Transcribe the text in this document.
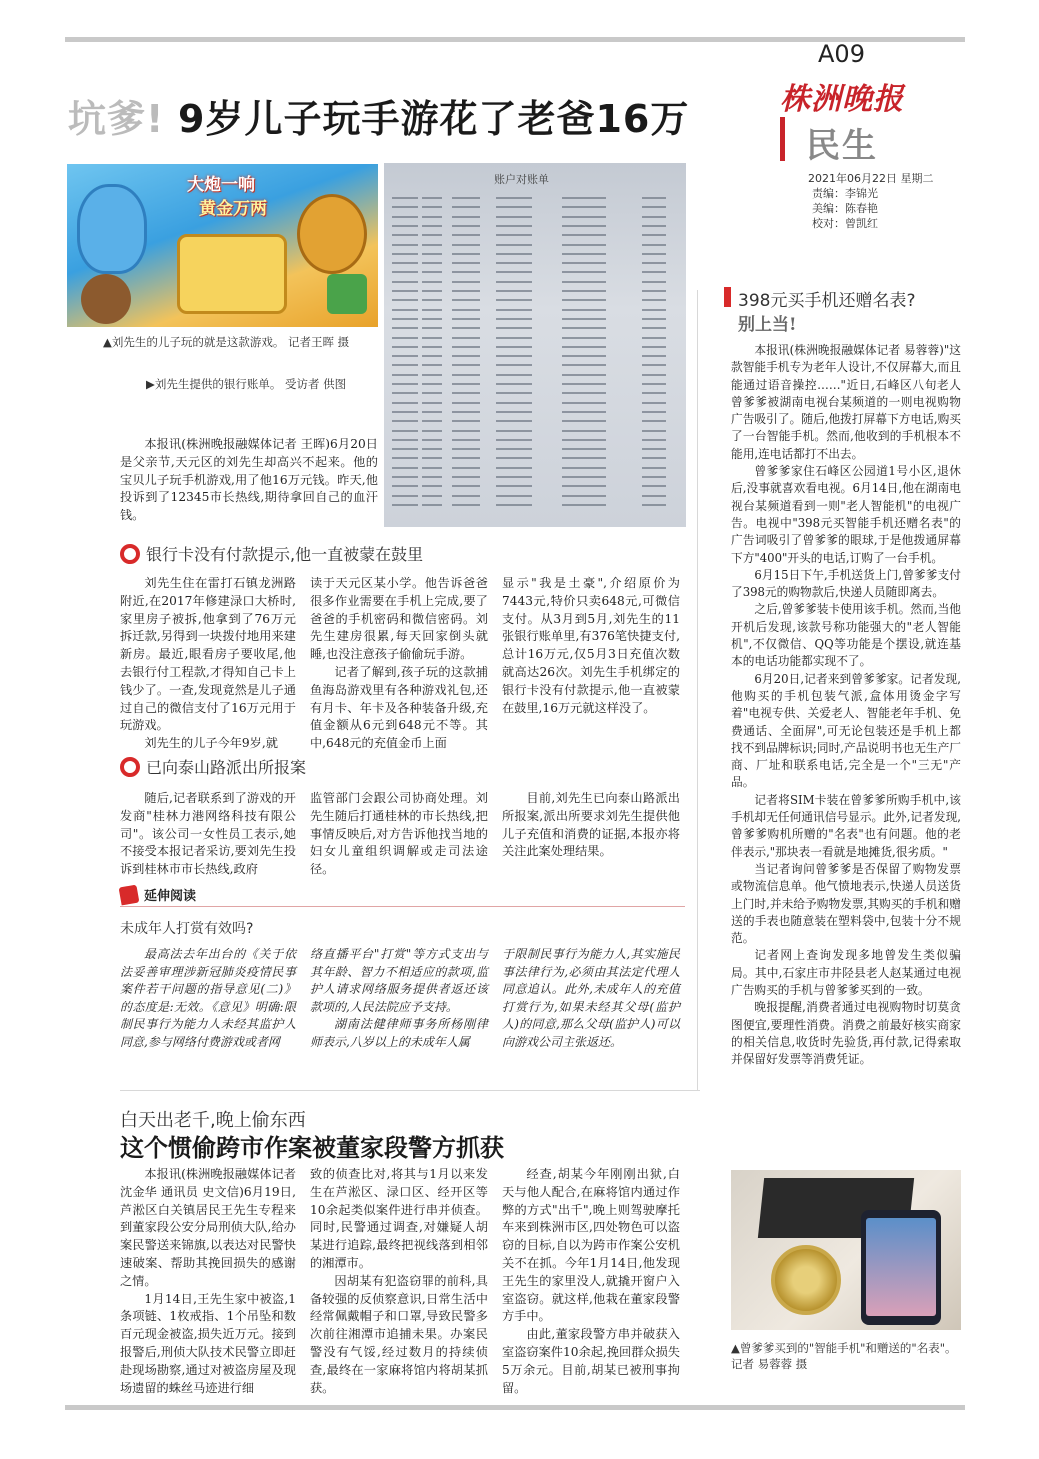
A09
株洲晚报
民生
2021年06月22日 星期二
责编：李锦光
美编：陈春艳
校对：曾凯红
坑爹! 9岁儿子玩手游花了老爸16万
大炮一响
黄金万两
▲刘先生的儿子玩的就是这款游戏。 记者王晖 摄
▶刘先生提供的银行账单。 受访者 供图
账户对账单
本报讯(株洲晚报融媒体记者 王晖)6月20日是父亲节,天元区的刘先生却高兴不起来。他的宝贝儿子玩手机游戏,用了他16万元钱。昨天,他投诉到了12345市长热线,期待拿回自己的血汗钱。
银行卡没有付款提示,他一直被蒙在鼓里
刘先生住在雷打石镇龙洲路附近,在2017年修建渌口大桥时,家里房子被拆,他拿到了76万元拆迁款,另得到一块拨付地用来建新房。最近,眼看房子要收尾,他去银行付工程款,才得知自己卡上钱少了。一查,发现竟然是儿子通过自己的微信支付了16万元用于玩游戏。
刘先生的儿子今年9岁,就
读于天元区某小学。他告诉爸爸很多作业需要在手机上完成,要了爸爸的手机密码和微信密码。刘先生建房很累,每天回家倒头就睡,也没注意孩子偷偷玩手游。
记者了解到,孩子玩的这款捕鱼海岛游戏里有各种游戏礼包,还有月卡、年卡及各种装备升级,充值金额从6元到648元不等。其中,648元的充值金币上面
显示"我是土豪",介绍原价为7443元,特价只卖648元,可微信支付。从3月到5月,刘先生的11张银行账单里,有376笔快捷支付,总计16万元,仅5月3日充值次数就高达26次。刘先生手机绑定的银行卡没有付款提示,他一直被蒙在鼓里,16万元就这样没了。
已向泰山路派出所报案
随后,记者联系到了游戏的开发商"桂林力港网络科技有限公司"。该公司一女性员工表示,她不接受本报记者采访,要刘先生投诉到桂林市市长热线,政府
监管部门会跟公司协商处理。刘先生随后打通桂林的市长热线,把事情反映后,对方告诉他找当地的妇女儿童组织调解或走司法途径。
目前,刘先生已向泰山路派出所报案,派出所要求刘先生提供他儿子充值和消费的证据,本报亦将关注此案处理结果。
延伸阅读
未成年人打赏有效吗?
最高法去年出台的《关于依法妥善审理涉新冠肺炎疫情民事案件若干问题的指导意见(二)》的态度是:无效。《意见》明确:限制民事行为能力人未经其监护人同意,参与网络付费游戏或者网
络直播平台"打赏"等方式支出与其年龄、智力不相适应的款项,监护人请求网络服务提供者返还该款项的,人民法院应予支持。
湖南法健律师事务所杨刚律师表示,八岁以上的未成年人属
于限制民事行为能力人,其实施民事法律行为,必须由其法定代理人同意追认。此外,未成年人的充值打赏行为,如果未经其父母(监护人)的同意,那么父母(监护人)可以向游戏公司主张返还。
398元买手机还赠名表?
别上当!
本报讯(株洲晚报融媒体记者 易蓉蓉)"这款智能手机专为老年人设计,不仅屏幕大,而且能通过语音操控……"近日,石峰区八旬老人曾爹爹被湖南电视台某频道的一则电视购物广告吸引了。随后,他拨打屏幕下方电话,购买了一台智能手机。然而,他收到的手机根本不能用,连电话都打不出去。
曾爹爹家住石峰区公园道1号小区,退休后,没事就喜欢看电视。6月14日,他在湖南电视台某频道看到一则"老人智能机"的电视广告。电视中"398元买智能手机还赠名表"的广告词吸引了曾爹爹的眼球,于是他拨通屏幕下方"400"开头的电话,订购了一台手机。
6月15日下午,手机送货上门,曾爹爹支付了398元的购物款后,快递人员随即离去。
之后,曾爹爹装卡使用该手机。然而,当他开机后发现,该款号称功能强大的"老人智能机",不仅微信、QQ等功能是个摆设,就连基本的电话功能都实现不了。
6月20日,记者来到曾爹爹家。记者发现,他购买的手机包装气派,盒体用烫金字写着"电视专供、关爱老人、智能老年手机、免费通话、全面屏",可无论包装还是手机上都找不到品牌标识;同时,产品说明书也无生产厂商、厂址和联系电话,完全是一个"三无"产品。
记者将SIM卡装在曾爹爹所购手机中,该手机却无任何通讯信号显示。此外,记者发现,曾爹爹购机所赠的"名表"也有问题。他的老伴表示,"那块表一看就是地摊货,很劣质。"
当记者询问曾爹爹是否保留了购物发票或物流信息单。他气愤地表示,快递人员送货上门时,并未给予购物发票,其购买的手机和赠送的手表也随意装在塑料袋中,包装十分不规范。
记者网上查询发现多地曾发生类似骗局。其中,石家庄市井陉县老人赵某通过电视广告购买的手机与曾爹爹买到的一致。
晚报提醒,消费者通过电视购物时切莫贪图便宜,要理性消费。消费之前最好核实商家的相关信息,收货时先验货,再付款,记得索取并保留好发票等消费凭证。
▲曾爹爹买到的"智能手机"和赠送的"名表"。 记者 易蓉蓉 摄
白天出老千,晚上偷东西
这个惯偷跨市作案被董家段警方抓获
本报讯(株洲晚报融媒体记者 沈金华 通讯员 史文信)6月19日,芦淞区白关镇居民王先生专程来到董家段公安分局刑侦大队,给办案民警送来锦旗,以表达对民警快速破案、帮助其挽回损失的感谢之情。
1月14日,王先生家中被盗,1条项链、1枚戒指、1个吊坠和数百元现金被盗,损失近万元。接到报警后,刑侦大队技术民警立即赶赴现场勘察,通过对被盗房屋及现场遗留的蛛丝马迹进行细
致的侦查比对,将其与1月以来发生在芦淞区、渌口区、经开区等10余起类似案件进行串并侦查。同时,民警通过调查,对嫌疑人胡某进行追踪,最终把视线落到相邻的湘潭市。
因胡某有犯盗窃罪的前科,具备较强的反侦察意识,日常生活中经常佩戴帽子和口罩,导致民警多次前往湘潭市追捕未果。办案民警没有气馁,经过数月的持续侦查,最终在一家麻将馆内将胡某抓获。
经查,胡某今年刚刚出狱,白天与他人配合,在麻将馆内通过作弊的方式"出千",晚上则驾驶摩托车来到株洲市区,四处物色可以盗窃的目标,自以为跨市作案公安机关不在抓。今年1月14日,他发现王先生的家里没人,就撬开窗户入室盗窃。就这样,他栽在董家段警方手中。
由此,董家段警方串并破获入室盗窃案件10余起,挽回群众损失5万余元。目前,胡某已被刑事拘留。
